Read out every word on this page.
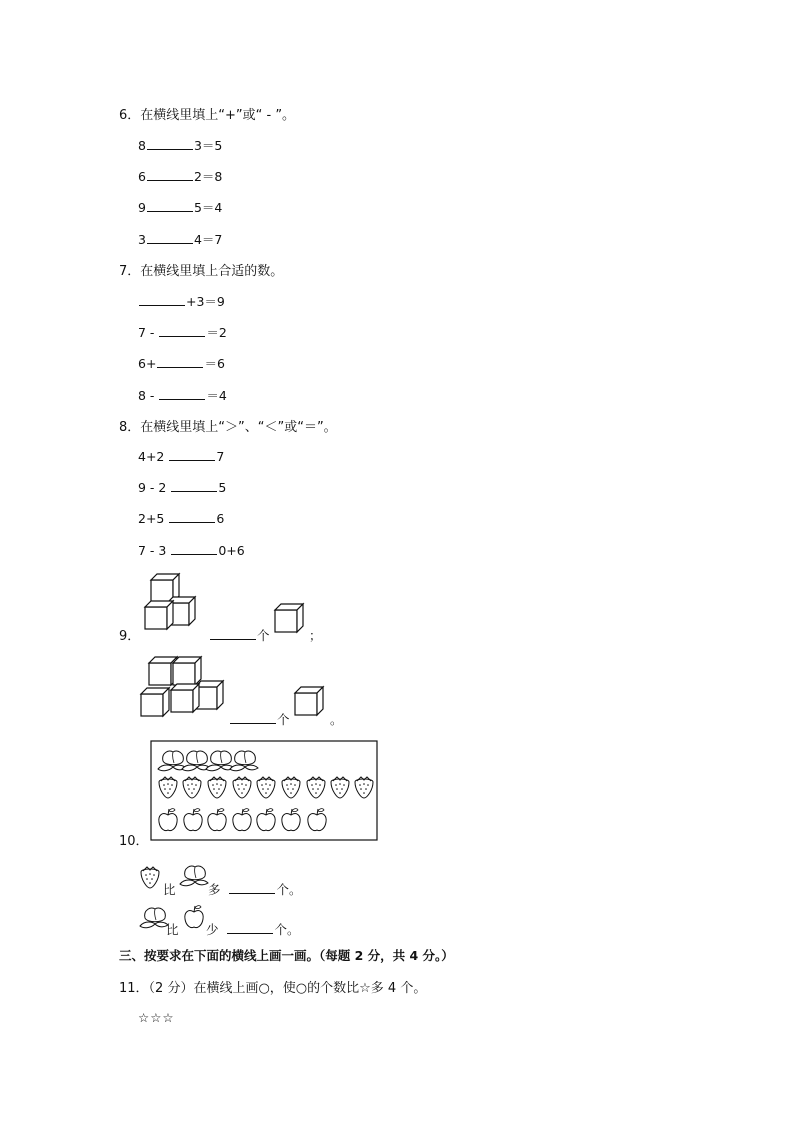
6．在横线里填上“+”或“ - ”。
8	3＝5
6	2＝8
9	5＝4
3	4＝7
7．在横线里填上合适的数。
+3＝9
7 -	＝2
6+	＝6
8 -	＝4
8．在横线里填上“＞”、“＜”或“＝”。
4+2	7
9 - 2	5
2+5	6
7 - 3	0+6
9．	个	；
个	。
10．
比	多	个。
比 少	个。
三、按要求在下面的横线上画一画。（每题 2 分，共 4 分。）
11．（2 分）在横线上画○，使○的个数比☆多 4 个。
☆☆☆
